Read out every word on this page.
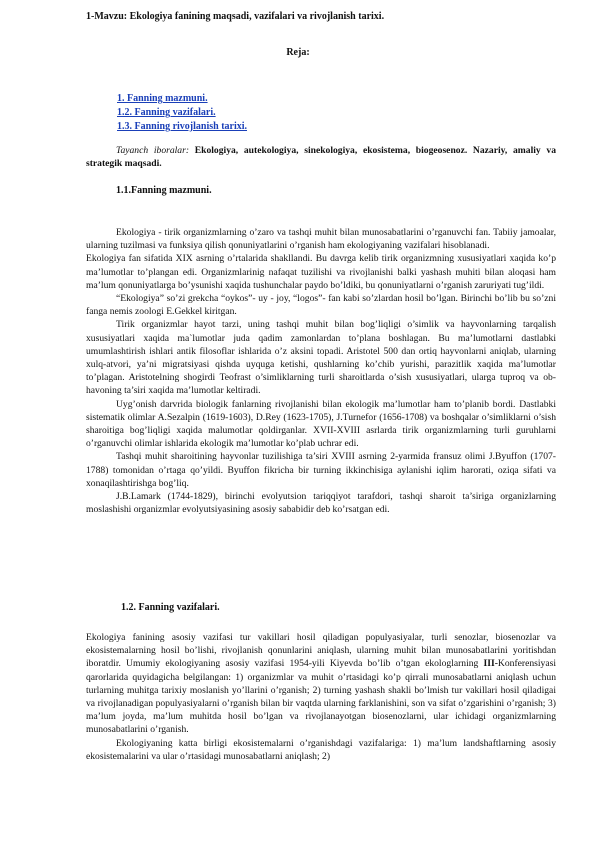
1-Mavzu: Ekologiya fanining maqsadi, vazifalari va rivojlanish tarixi.
Reja:
1. Fanning mazmuni.
1.2. Fanning vazifalari.
1.3. Fanning rivojlanish tarixi.
Tayanch iboralar: Ekologiya, autekologiya, sinekologiya, ekosistema, biogeosenoz. Nazariy, amaliy va strategik maqsadi.
1.1.Fanning mazmuni.

Ekologiya - tirik organizmlarning o’zaro va tashqi muhit bilan munosabatlarini o’rganuvchi fan. Tabiiy jamoalar, ularning tuzilmasi va funksiya qilish qonuniyatlarini o’rganish ham ekologiyaning vazifalari hisoblanadi.

Ekologiya fan sifatida XIX asrning o’rtalarida shakllandi. Bu davrga kelib tirik organizmning xususiyatlari xaqida ko’p ma’lumotlar to’plangan edi. Organizmlarinig nafaqat tuzilishi va rivojlanishi balki yashash muhiti bilan aloqasi ham ma’lum qonuniyatlarga bo’ysunishi xaqida tushunchalar paydo bo’ldiki, bu qonuniyatlarni o’rganish zaruriyati tug’ildi.

“Ekologiya” so’zi grekcha “oykos”- uy - joy, “logos”- fan kabi so’zlardan hosil bo’lgan. Birinchi bo’lib bu so’zni fanga nemis zoologi E.Gekkel kiritgan.

Tirik organizmlar hayot tarzi, uning tashqi muhit bilan bog’liqligi o’simlik va hayvonlarning tarqalish xususiyatlari xaqida ma`lumotlar juda qadim zamonlardan to’plana boshlagan. Bu ma’lumotlarni dastlabki umumlashtirish ishlari antik filosoflar ishlarida o’z aksini topadi. Aristotel 500 dan ortiq hayvonlarni aniqlab, ularning xulq-atvori, ya’ni migratsiyasi qishda uyquga ketishi, qushlarning ko’chib yurishi, parazitlik xaqida ma’lumotlar to’plagan. Aristotelning shogirdi Teofrast o’simliklarning turli sharoitlarda o’sish xususiyatlari, ularga tuproq va ob-havoning ta’siri xaqida ma’lumotlar keltiradi.

Uyg’onish darvrida biologik fanlarning rivojlanishi bilan ekologik ma’lumotlar ham to’planib bordi. Dastlabki sistematik olimlar A.Sezalpin (1619-1603), D.Rey (1623-1705), J.Turnefor (1656-1708) va boshqalar o’simliklarni o’sish sharoitiga bog’liqligi xaqida malumotlar qoldirganlar. XVII-XVIII asrlarda tirik organizmlarning turli guruhlarni o’rganuvchi olimlar ishlarida ekologik ma’lumotlar ko’plab uchrar edi.

Tashqi muhit sharoitining hayvonlar tuzilishiga ta’siri XVIII asrning 2-yarmida fransuz olimi J.Byuffon (1707-1788) tomonidan o’rtaga qo’yildi. Byuffon fikricha bir turning ikkinchisiga aylanishi iqlim harorati, oziqa sifati va xonaqilashtirishga bog’liq.

J.B.Lamark (1744-1829), birinchi evolyutsion tariqqiyot tarafdori, tashqi sharoit ta’siriga organizlarning moslashishi organizmlar evolyutsiyasining asosiy sababidir deb ko’rsatgan edi.

1.2. Fanning vazifalari.

Ekologiya fanining asosiy vazifasi tur vakillari hosil qiladigan populyasiyalar, turli senozlar, biosenozlar va ekosistemalarning hosil bo’lishi, rivojlanish qonunlarini aniqlash, ularning muhit bilan munosabatlarini yoritishdan iboratdir. Umumiy ekologiyaning asosiy vazifasi 1954-yili Kiyevda bo’lib o’tgan ekologlarning III-Konferensiyasi qarorlarida quyidagicha belgilangan: 1) organizmlar va muhit o’rtasidagi ko’p qirrali munosabatlarni aniqlash uchun turlarning muhitga tarixiy moslanish yo’llarini o’rganish; 2) turning yashash shakli bo’lmish tur vakillari hosil qiladigai va rivojlanadigan populyasiyalarni o’rganish bilan bir vaqtda ularning farklanishini, son va sifat o’zgarishini o’rganish; 3) ma’lum joyda, ma’lum muhitda hosil bo’lgan va rivojlanayotgan biosenozlarni, ular ichidagi organizmlarning munosabatlarini o’rganish.

Ekologiyaning katta birligi ekosistemalarni o’rganishdagi vazifalariga: 1) ma’lum landshaftlarning asosiy ekosistemalarini va ular o’rtasidagi munosabatlarni aniqlash; 2)
